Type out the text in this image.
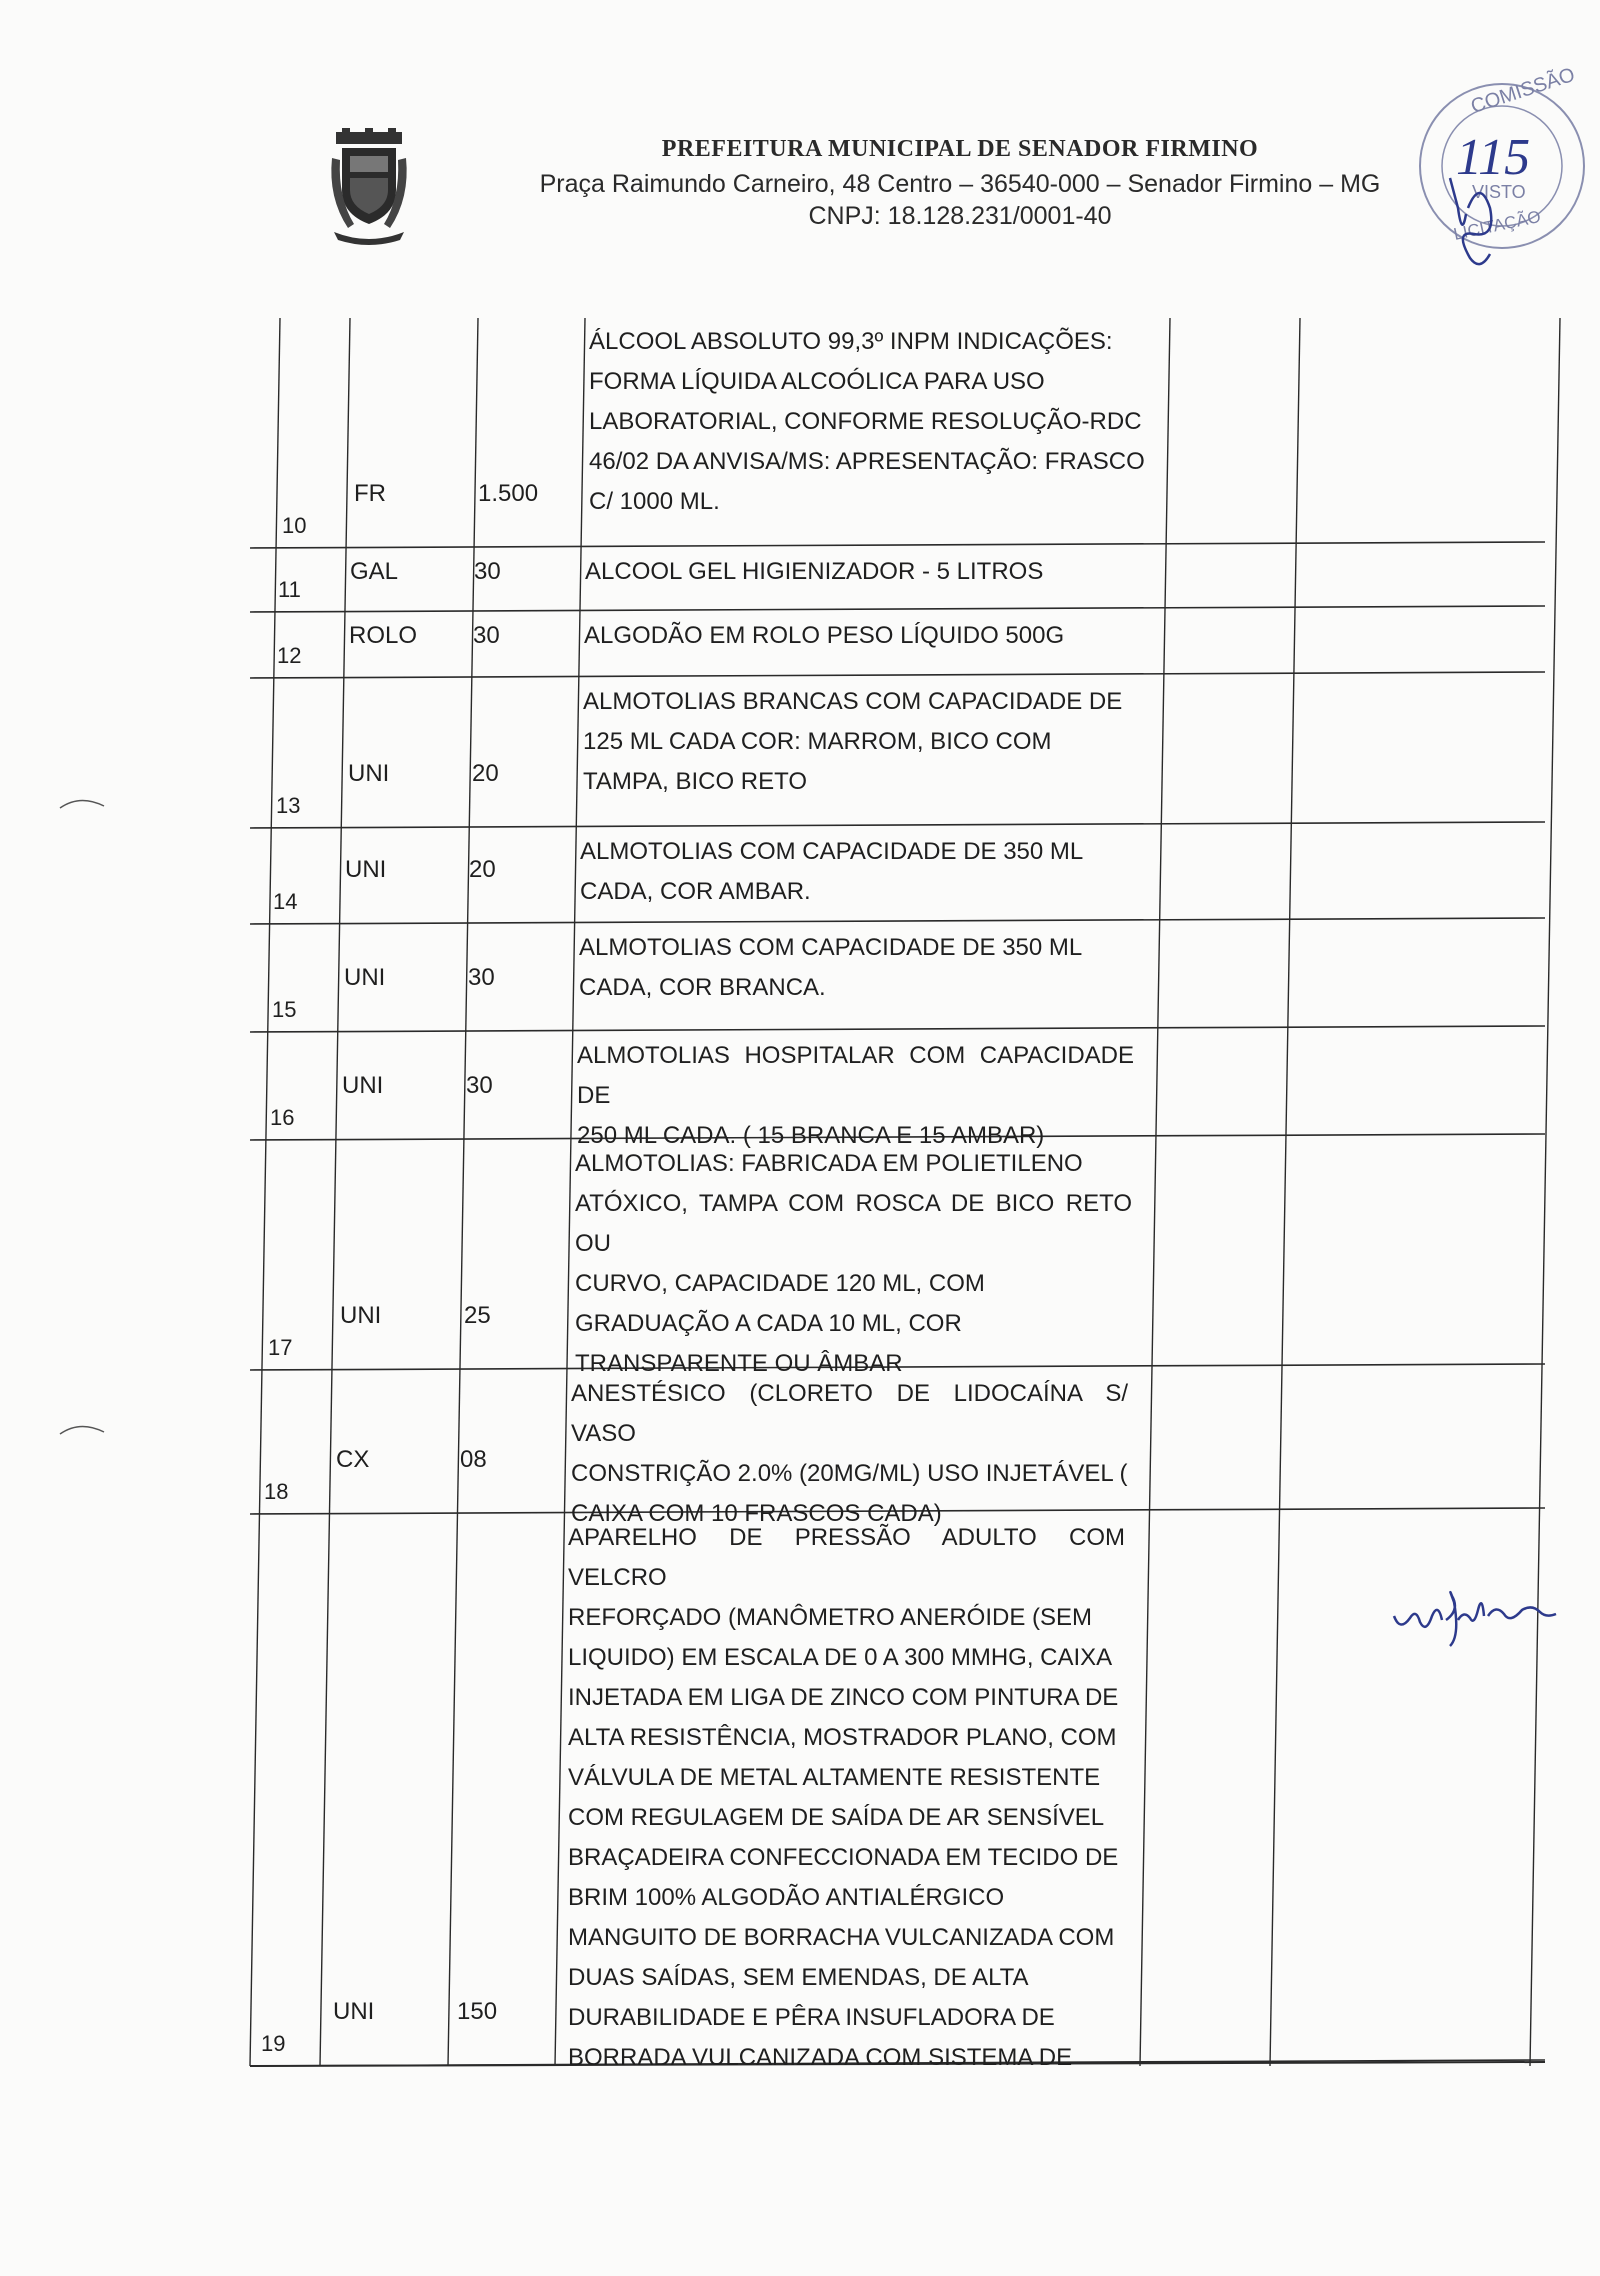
PREFEITURA MUNICIPAL DE SENADOR FIRMINO
Praça Raimundo Carneiro, 48 Centro – 36540-000 – Senador Firmino – MG
CNPJ: 18.128.231/0001-40
COMISSÃO
115
VISTO
LICITAÇÃO
10
FR	1.500
ÁLCOOL ABSOLUTO 99,3º INPM INDICAÇÕES:
FORMA LÍQUIDA ALCOÓLICA PARA USO
LABORATORIAL, CONFORME RESOLUÇÃO-RDC
46/02 DA ANVISA/MS: APRESENTAÇÃO: FRASCO
C/ 1000 ML.
11
GAL	30	ALCOOL GEL HIGIENIZADOR - 5 LITROS
12
ROLO 30	ALGODÃO EM ROLO PESO LÍQUIDO 500G
13
UNI	20
ALMOTOLIAS BRANCAS COM CAPACIDADE DE
125 ML CADA COR: MARROM, BICO COM
TAMPA, BICO RETO
14
UNI	20
ALMOTOLIAS COM CAPACIDADE DE 350 ML
CADA, COR AMBAR.
15
UNI	30
ALMOTOLIAS COM CAPACIDADE DE 350 ML
CADA, COR BRANCA.
16
UNI	30
ALMOTOLIAS HOSPITALAR COM CAPACIDADE DE
250 ML CADA. ( 15 BRANCA E 15 AMBAR)
17
UNI	25
ALMOTOLIAS: FABRICADA EM POLIETILENO
ATÓXICO, TAMPA COM ROSCA DE BICO RETO OU
CURVO, CAPACIDADE 120 ML, COM
GRADUAÇÃO A CADA 10 ML, COR
TRANSPARENTE OU ÂMBAR
18
CX	08
ANESTÉSICO (CLORETO DE LIDOCAÍNA S/ VASO
CONSTRIÇÃO 2.0% (20MG/ML) USO INJETÁVEL (
CAIXA COM 10 FRASCOS CADA)
19
UNI	150
APARELHO DE PRESSÃO ADULTO COM VELCRO
REFORÇADO (MANÔMETRO ANERÓIDE (SEM
LIQUIDO) EM ESCALA DE 0 A 300 MMHG, CAIXA
INJETADA EM LIGA DE ZINCO COM PINTURA DE
ALTA RESISTÊNCIA, MOSTRADOR PLANO, COM
VÁLVULA DE METAL ALTAMENTE RESISTENTE
COM REGULAGEM DE SAÍDA DE AR SENSÍVEL
BRAÇADEIRA CONFECCIONADA EM TECIDO DE
BRIM 100% ALGODÃO ANTIALÉRGICO
MANGUITO DE BORRACHA VULCANIZADA COM
DUAS SAÍDAS, SEM EMENDAS, DE ALTA
DURABILIDADE E PÊRA INSUFLADORA DE
BORRADA VULCANIZADA COM SISTEMA DE
